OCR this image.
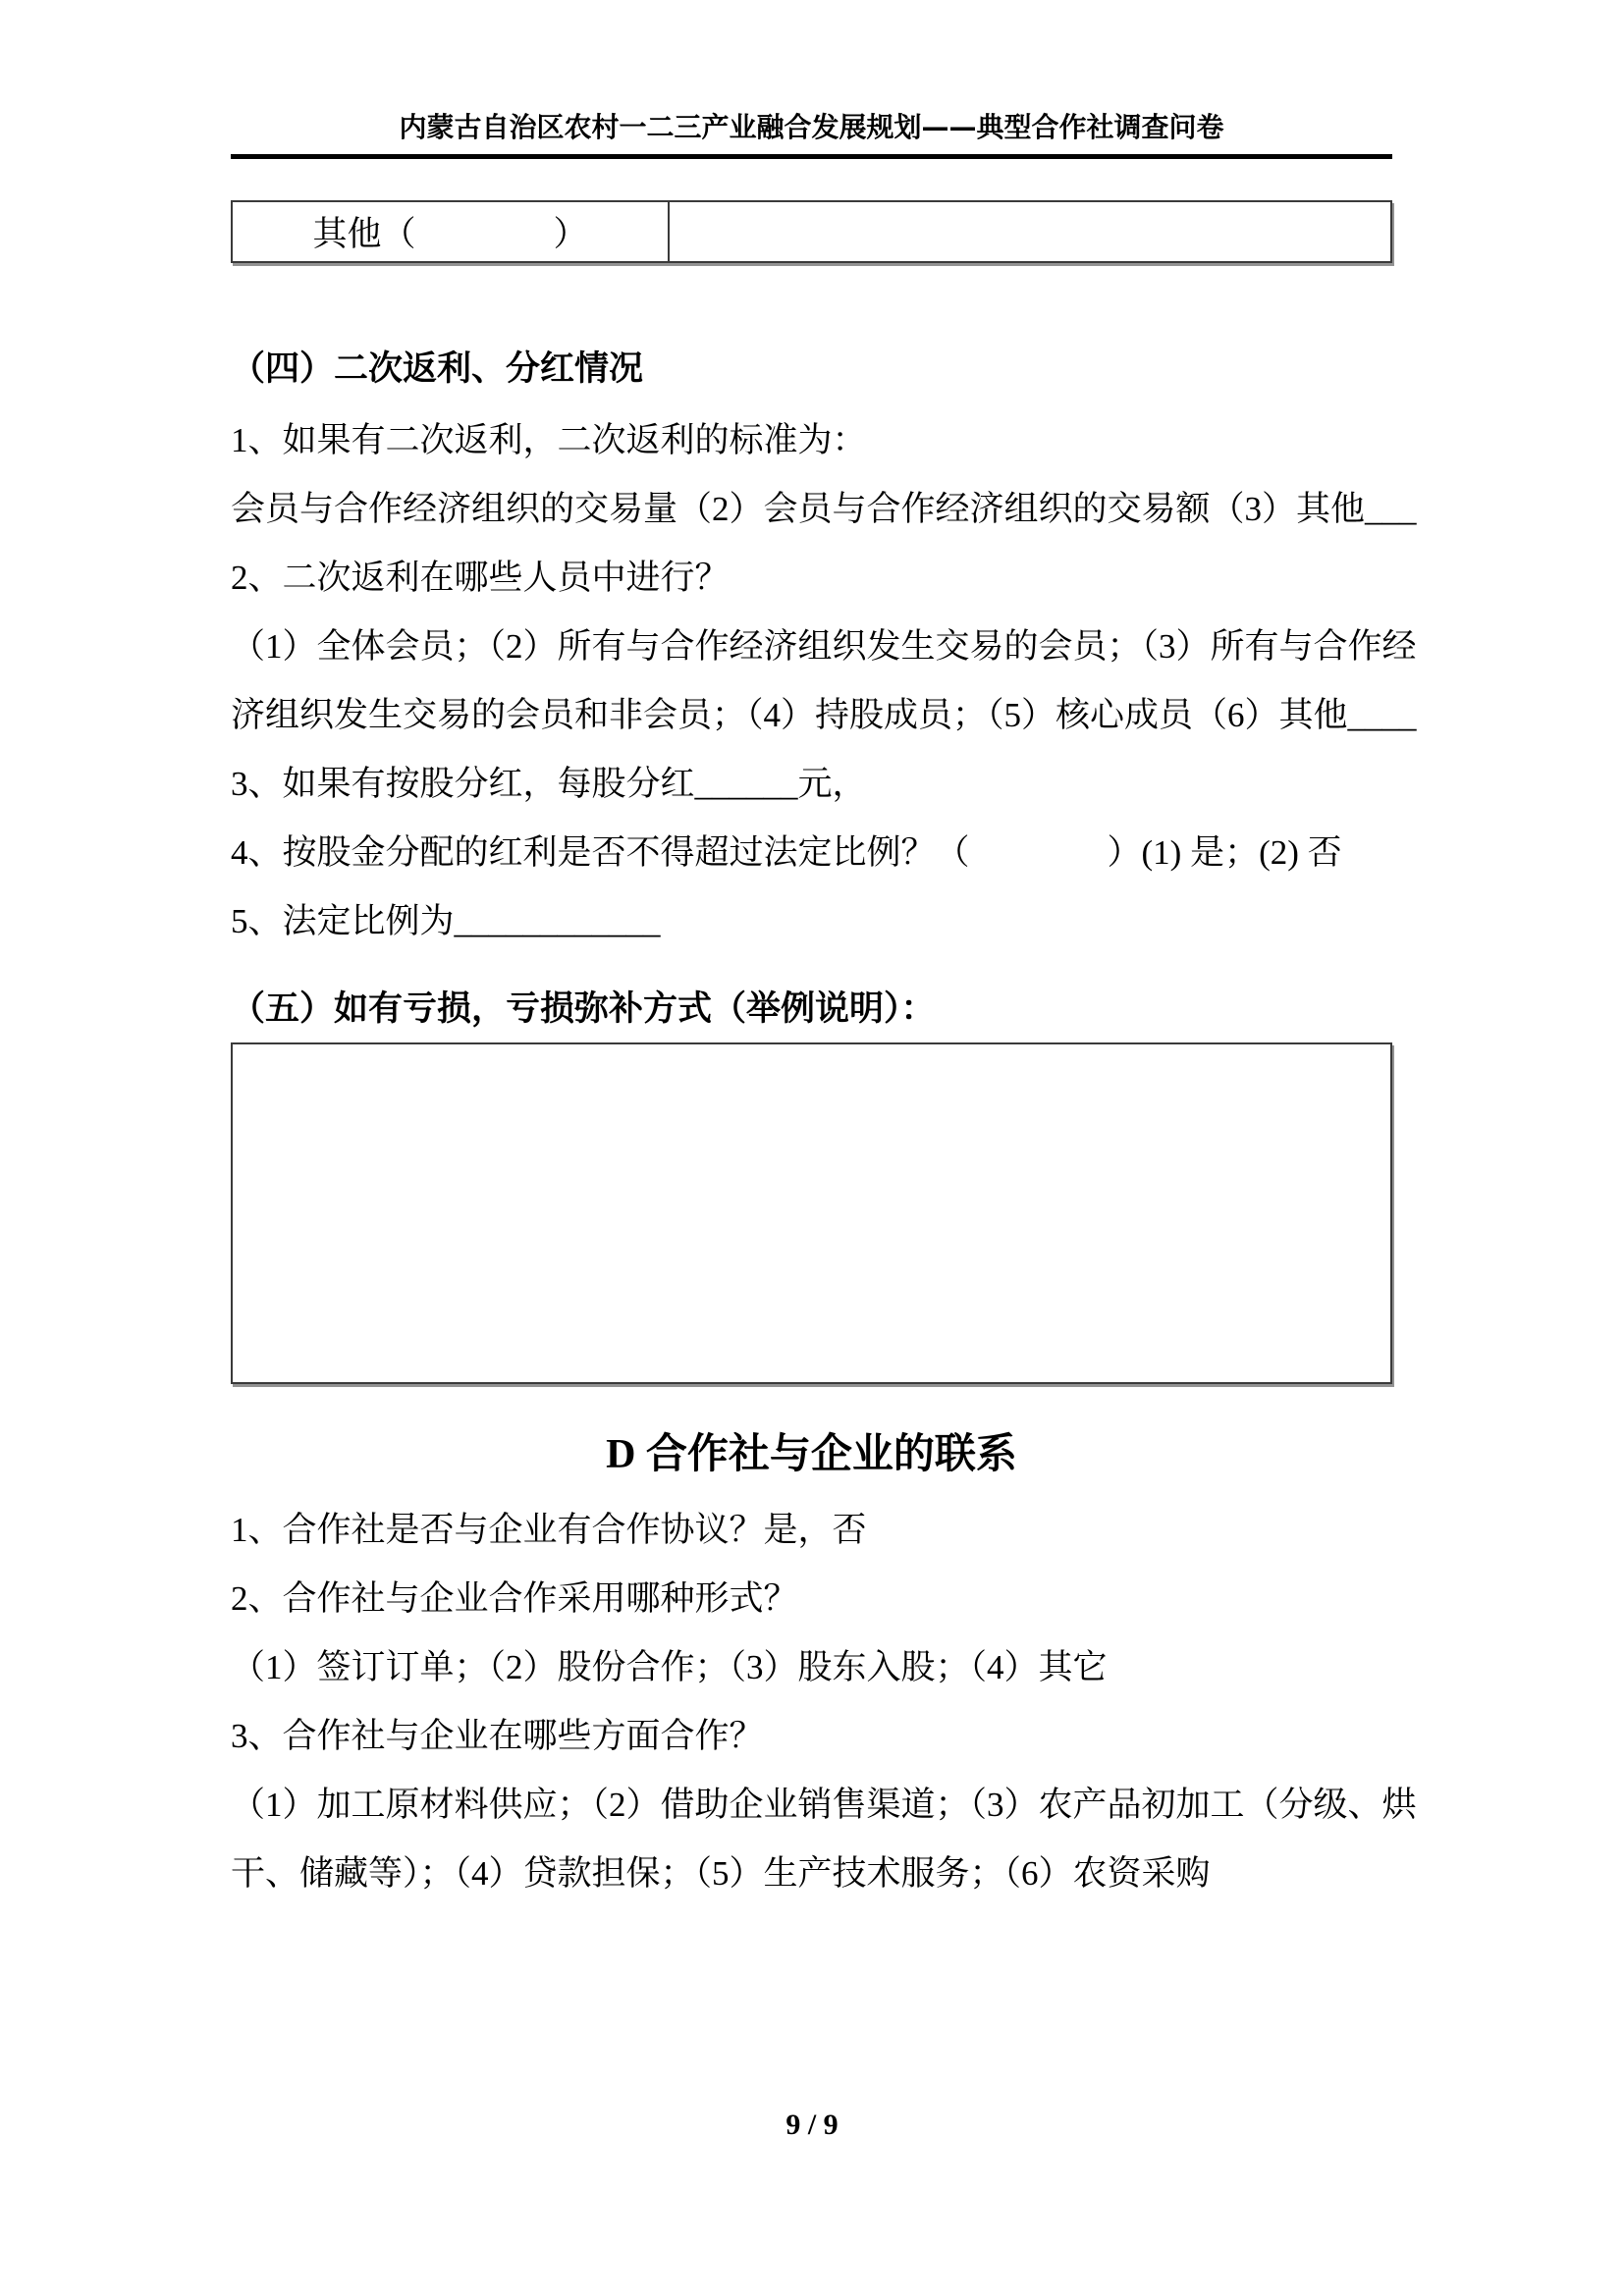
内蒙古自治区农村一二三产业融合发展规划——典型合作社调查问卷
其他（　　　　）	
（四）二次返利、分红情况
1、如果有二次返利，二次返利的标准为：
会员与合作经济组织的交易量（2）会员与合作经济组织的交易额（3）其他___
2、二次返利在哪些人员中进行？
（1）全体会员；（2）所有与合作经济组织发生交易的会员；（3）所有与合作经
济组织发生交易的会员和非会员；（4）持股成员；（5）核心成员（6）其他____
3、如果有按股分红，每股分红______元，
4、按股金分配的红利是否不得超过法定比例？（　　　　）(1) 是；(2) 否
5、法定比例为____________
（五）如有亏损，亏损弥补方式（举例说明）：
D 合作社与企业的联系
1、合作社是否与企业有合作协议？是，否
2、合作社与企业合作采用哪种形式？
（1）签订订单；（2）股份合作；（3）股东入股；（4）其它
3、合作社与企业在哪些方面合作？
（1）加工原材料供应；（2）借助企业销售渠道；（3）农产品初加工（分级、烘
干、储藏等）；（4）贷款担保；（5）生产技术服务；（6）农资采购
9 / 9
